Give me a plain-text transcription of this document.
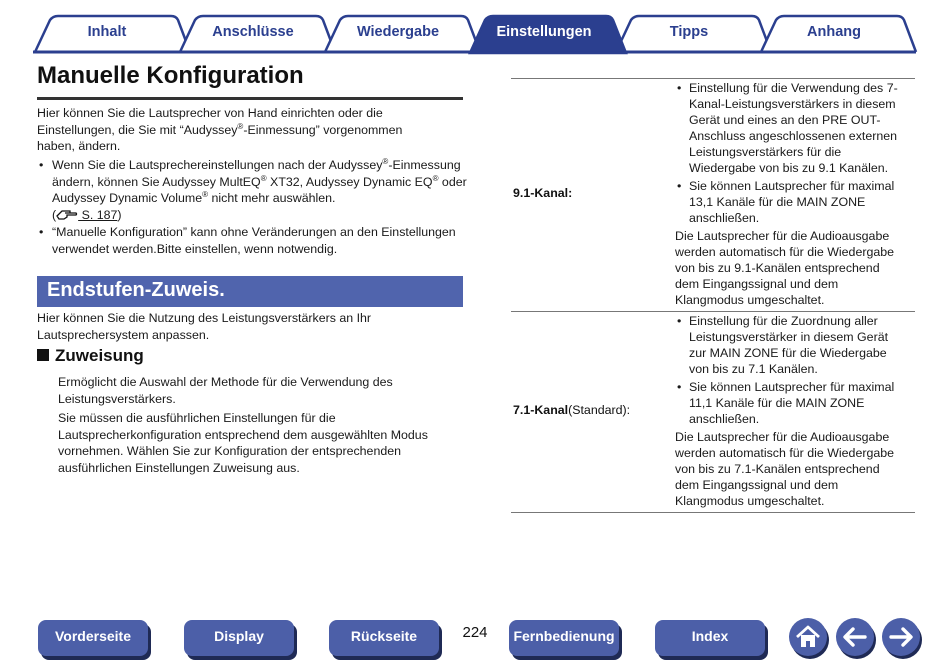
Inhalt	Anschlüsse	Wiedergabe	Einstellungen	Tipps	Anhang
Manuelle Konfiguration
Hier können Sie die Lautsprecher von Hand einrichten oder die
Einstellungen, die Sie mit “Audyssey®-Einmessung” vorgenommen
haben, ändern.
• Wenn Sie die Lautsprechereinstellungen nach der Audyssey®-Einmessung ändern, können Sie Audyssey MultEQ® XT32, Audyssey Dynamic EQ® oder Audyssey Dynamic Volume® nicht mehr auswählen.
( S. 187)
• “Manuelle Konfiguration” kann ohne Veränderungen an den Einstellungen verwendet werden.Bitte einstellen, wenn notwendig.
Endstufen-Zuweis.
Hier können Sie die Nutzung des Leistungsverstärkers an Ihr
Lautsprechersystem anpassen.
Zuweisung
Ermöglicht die Auswahl der Methode für die Verwendung des
Leistungsverstärkers.
Sie müssen die ausführlichen Einstellungen für die
Lautsprecherkonfiguration entsprechend dem ausgewählten Modus
vornehmen. Wählen Sie zur Konfiguration der entsprechenden
ausführlichen Einstellungen Zuweisung aus.
9.1-Kanal:
• Einstellung für die Verwendung des 7-
Kanal-Leistungsverstärkers in diesem
Gerät und eines an den PRE OUT-
Anschluss angeschlossenen externen
Leistungsverstärkers für die
Wiedergabe von bis zu 9.1 Kanälen.
• Sie können Lautsprecher für maximal
13,1 Kanäle für die MAIN ZONE
anschließen.

Die Lautsprecher für die Audioausgabe
werden automatisch für die Wiedergabe
von bis zu 9.1-Kanälen entsprechend
dem Eingangssignal und dem
Klangmodus umgeschaltet.

7.1-Kanal(Standard):
• Einstellung für die Zuordnung aller
Leistungsverstärker in diesem Gerät
zur MAIN ZONE für die Wiedergabe
von bis zu 7.1 Kanälen.
• Sie können Lautsprecher für maximal
11,1 Kanäle für die MAIN ZONE
anschließen.

Die Lautsprecher für die Audioausgabe
werden automatisch für die Wiedergabe
von bis zu 7.1-Kanälen entsprechend
dem Eingangssignal und dem
Klangmodus umgeschaltet.

Vorderseite	Display	Rückseite	224	Fernbedienung	Index
